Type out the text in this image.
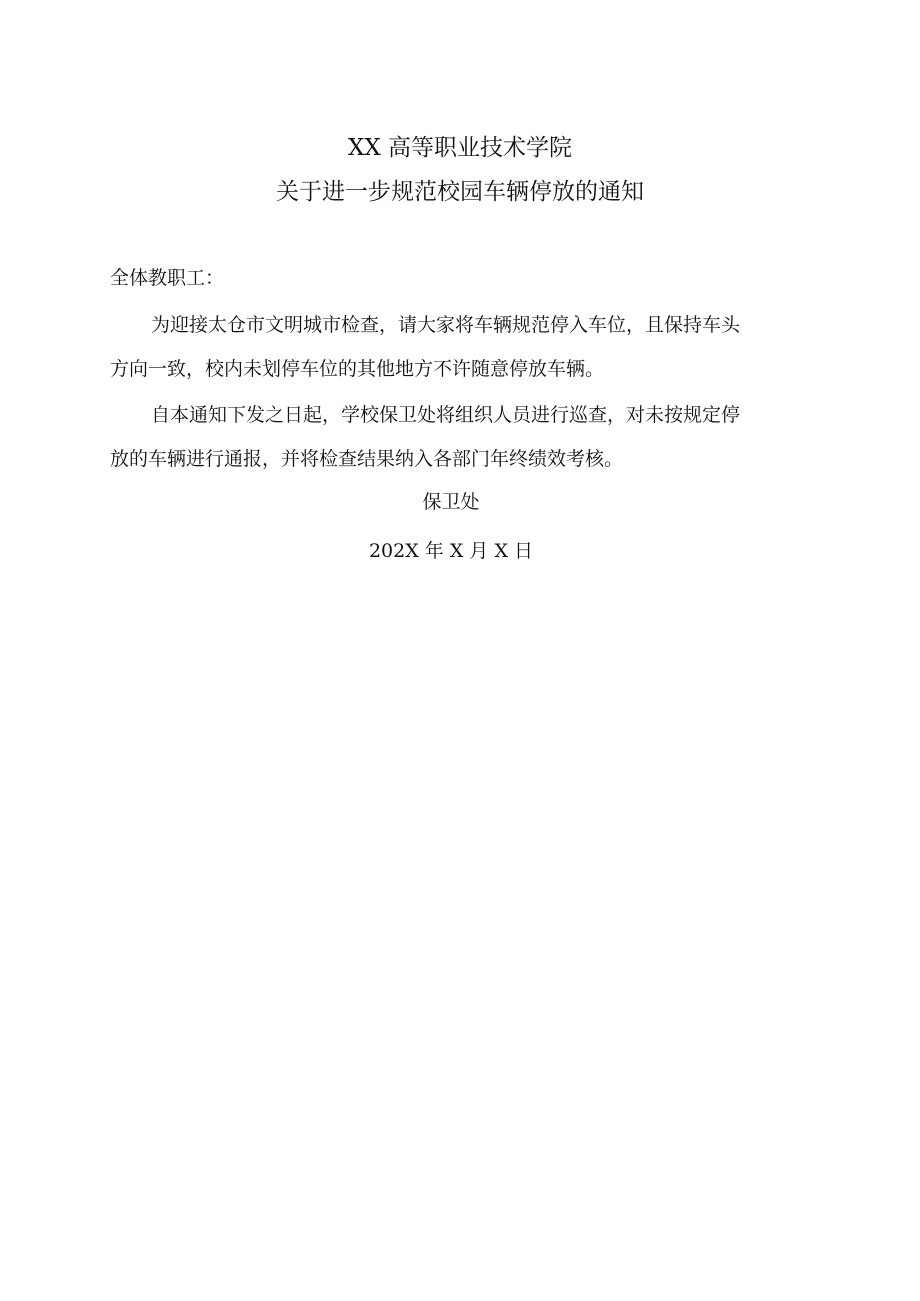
XX 高等职业技术学院
关于进一步规范校园车辆停放的通知
全体教职工：
为迎接太仓市文明城市检查，请大家将车辆规范停入车位，且保持车头
方向一致，校内未划停车位的其他地方不许随意停放车辆。
自本通知下发之日起，学校保卫处将组织人员进行巡查，对未按规定停
放的车辆进行通报，并将检查结果纳入各部门年终绩效考核。
保卫处
202X 年 X 月 X 日
